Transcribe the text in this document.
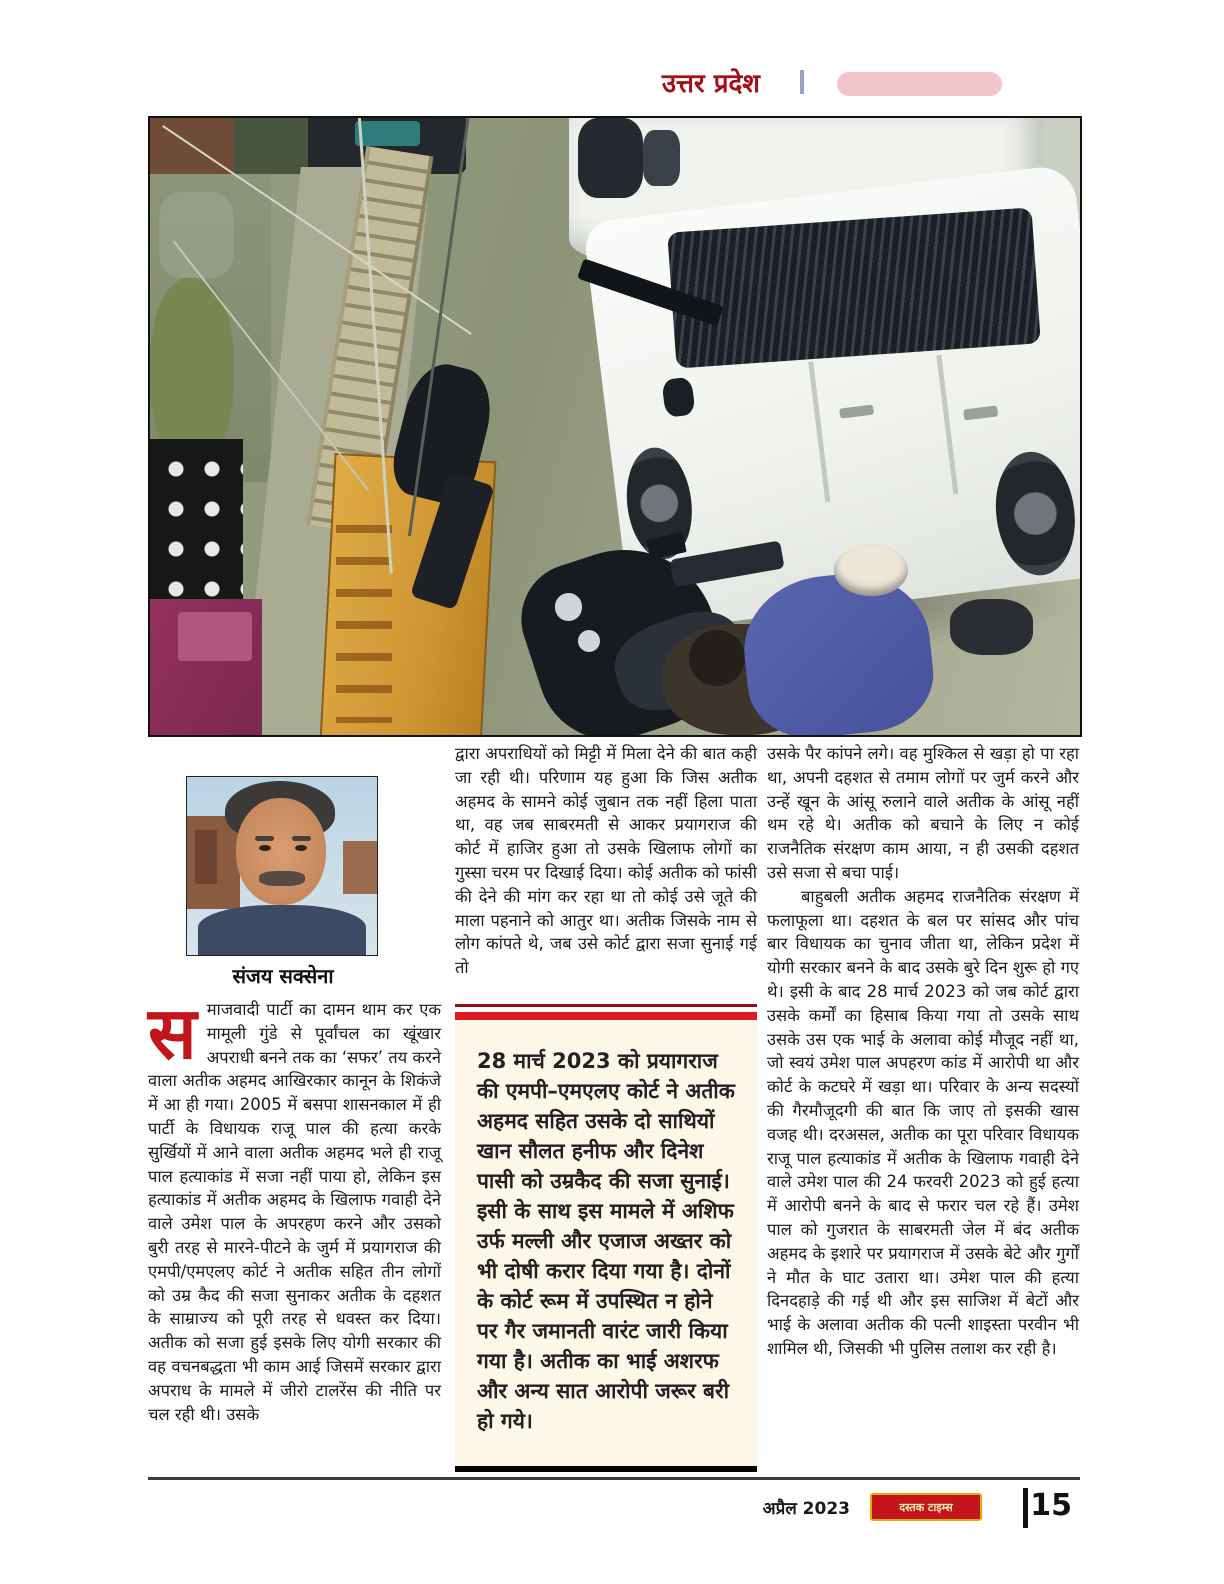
उत्तर प्रदेश
संजय सक्सेना

समाजवादी पार्टी का दामन थाम कर एक मामूली गुंडे से पूर्वांचल का खूंखार अपराधी बनने तक का ‘सफर’ तय करने वाला अतीक अहमद आखिरकार कानून के शिकंजे में आ ही गया। 2005 में बसपा शासनकाल में ही पार्टी के विधायक राजू पाल की हत्या करके सुर्खियों में आने वाला अतीक अहमद भले ही राजू पाल हत्याकांड में सजा नहीं पाया हो, लेकिन इस हत्याकांड में अतीक अहमद के खिलाफ गवाही देने वाले उमेश पाल के अपरहण करने और उसको बुरी तरह से मारने-पीटने के जुर्म में प्रयागराज की एमपी/एमएलए कोर्ट ने अतीक सहित तीन लोगों को उम्र कैद की सजा सुनाकर अतीक के दहशत के साम्राज्य को पूरी तरह से धवस्त कर दिया। अतीक को सजा हुई इसके लिए योगी सरकार की वह वचनबद्धता भी काम आई जिसमें सरकार द्वारा अपराध के मामले में जीरो टालरेंस की नीति पर चल रही थी। उसके

द्वारा अपराधियों को मिट्टी में मिला देने की बात कही जा रही थी। परिणाम यह हुआ कि जिस अतीक अहमद के सामने कोई जुबान तक नहीं हिला पाता था, वह जब साबरमती से आकर प्रयागराज की कोर्ट में हाजिर हुआ तो उसके खिलाफ लोगों का गुस्सा चरम पर दिखाई दिया। कोई अतीक को फांसी की देने की मांग कर रहा था तो कोई उसे जूते की माला पहनाने को आतुर था। अतीक जिसके नाम से लोग कांपते थे, जब उसे कोर्ट द्वारा सजा सुनाई गई तो

28 मार्च 2023 को प्रयागराज की एमपी–एमएलए कोर्ट ने अतीक अहमद सहित उसके दो साथियों खान सौलत हनीफ और दिनेश पासी को उम्रकैद की सजा सुनाई। इसी के साथ इस मामले में अशिफ उर्फ मल्ली और एजाज अख्तर को भी दोषी करार दिया गया है। दोनों के कोर्ट रूम में उपस्थित न होने पर गैर जमानती वारंट जारी किया गया है। अतीक का भाई अशरफ और अन्य सात आरोपी जरूर बरी हो गये।

उसके पैर कांपने लगे। वह मुश्किल से खड़ा हो पा रहा था, अपनी दहशत से तमाम लोगों पर जुर्म करने और उन्हें खून के आंसू रुलाने वाले अतीक के आंसू नहीं थम रहे थे। अतीक को बचाने के लिए न कोई राजनैतिक संरक्षण काम आया, न ही उसकी दहशत उसे सजा से बचा पाई।

बाहुबली अतीक अहमद राजनैतिक संरक्षण में फलाफूला था। दहशत के बल पर सांसद और पांच बार विधायक का चुनाव जीता था, लेकिन प्रदेश में योगी सरकार बनने के बाद उसके बुरे दिन शुरू हो गए थे। इसी के बाद 28 मार्च 2023 को जब कोर्ट द्वारा उसके कर्मों का हिसाब किया गया तो उसके साथ उसके उस एक भाई के अलावा कोई मौजूद नहीं था, जो स्वयं उमेश पाल अपहरण कांड में आरोपी था और कोर्ट के कटघरे में खड़ा था। परिवार के अन्य सदस्यों की गैरमौजूदगी की बात कि जाए तो इसकी खास वजह थी। दरअसल, अतीक का पूरा परिवार विधायक राजू पाल हत्याकांड में अतीक के खिलाफ गवाही देने वाले उमेश पाल की 24 फरवरी 2023 को हुई हत्या में आरोपी बनने के बाद से फरार चल रहे हैं। उमेश पाल को गुजरात के साबरमती जेल में बंद अतीक अहमद के इशारे पर प्रयागराज में उसके बेटे और गुर्गों ने मौत के घाट उतारा था। उमेश पाल की हत्या दिनदहाड़े की गई थी और इस साजिश में बेटों और भाई के अलावा अतीक की पत्नी शाइस्ता परवीन भी शामिल थी, जिसकी भी पुलिस तलाश कर रही है।

अप्रैल 2023	दस्तक टाइम्स	15
